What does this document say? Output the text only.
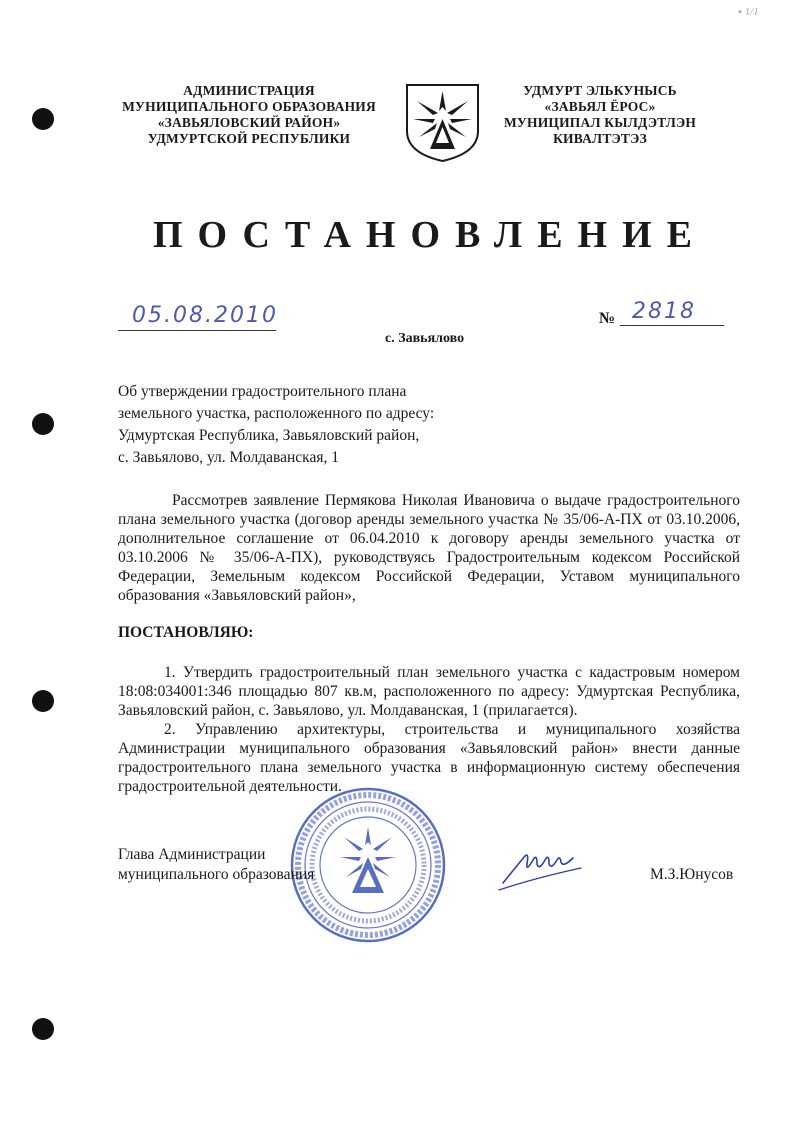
▪ 1/1
АДМИНИСТРАЦИЯ
МУНИЦИПАЛЬНОГО ОБРАЗОВАНИЯ
«ЗАВЬЯЛОВСКИЙ РАЙОН»
УДМУРТСКОЙ РЕСПУБЛИКИ
УДМУРТ ЭЛЬКУНЫСЬ
«ЗАВЬЯЛ ЁРОС»
МУНИЦИПАЛ КЫЛДЭТЛЭН
КИВАЛТЭТЭЗ
ПОСТАНОВЛЕНИЕ
05.08.2010	№ 2818
с. Завьялово
Об утверждении градостроительного плана
земельного участка, расположенного по адресу:
Удмуртская Республика, Завьяловский район,
с. Завьялово, ул. Молдаванская, 1
Рассмотрев заявление Пермякова Николая Ивановича о выдаче градостроительного плана земельного участка (договор аренды земельного участка № 35/06-А-ПХ от 03.10.2006, дополнительное соглашение от 06.04.2010 к договору аренды земельного участка от 03.10.2006 № 35/06-А-ПХ), руководствуясь Градостроительным кодексом Российской Федерации, Земельным кодексом Российской Федерации, Уставом муниципального образования «Завьяловский район»,
ПОСТАНОВЛЯЮ:
1. Утвердить градостроительный план земельного участка с кадастровым номером 18:08:034001:346 площадью 807 кв.м, расположенного по адресу: Удмуртская Республика, Завьяловский район, с. Завьялово, ул. Молдаванская, 1 (прилагается).
2. Управлению архитектуры, строительства и муниципального хозяйства Администрации муниципального образования «Завьяловский район» внести данные градостроительного плана земельного участка в информационную систему обеспечения градостроительной деятельности.
Глава Администрации
муниципального образования	М.З.Юнусов
